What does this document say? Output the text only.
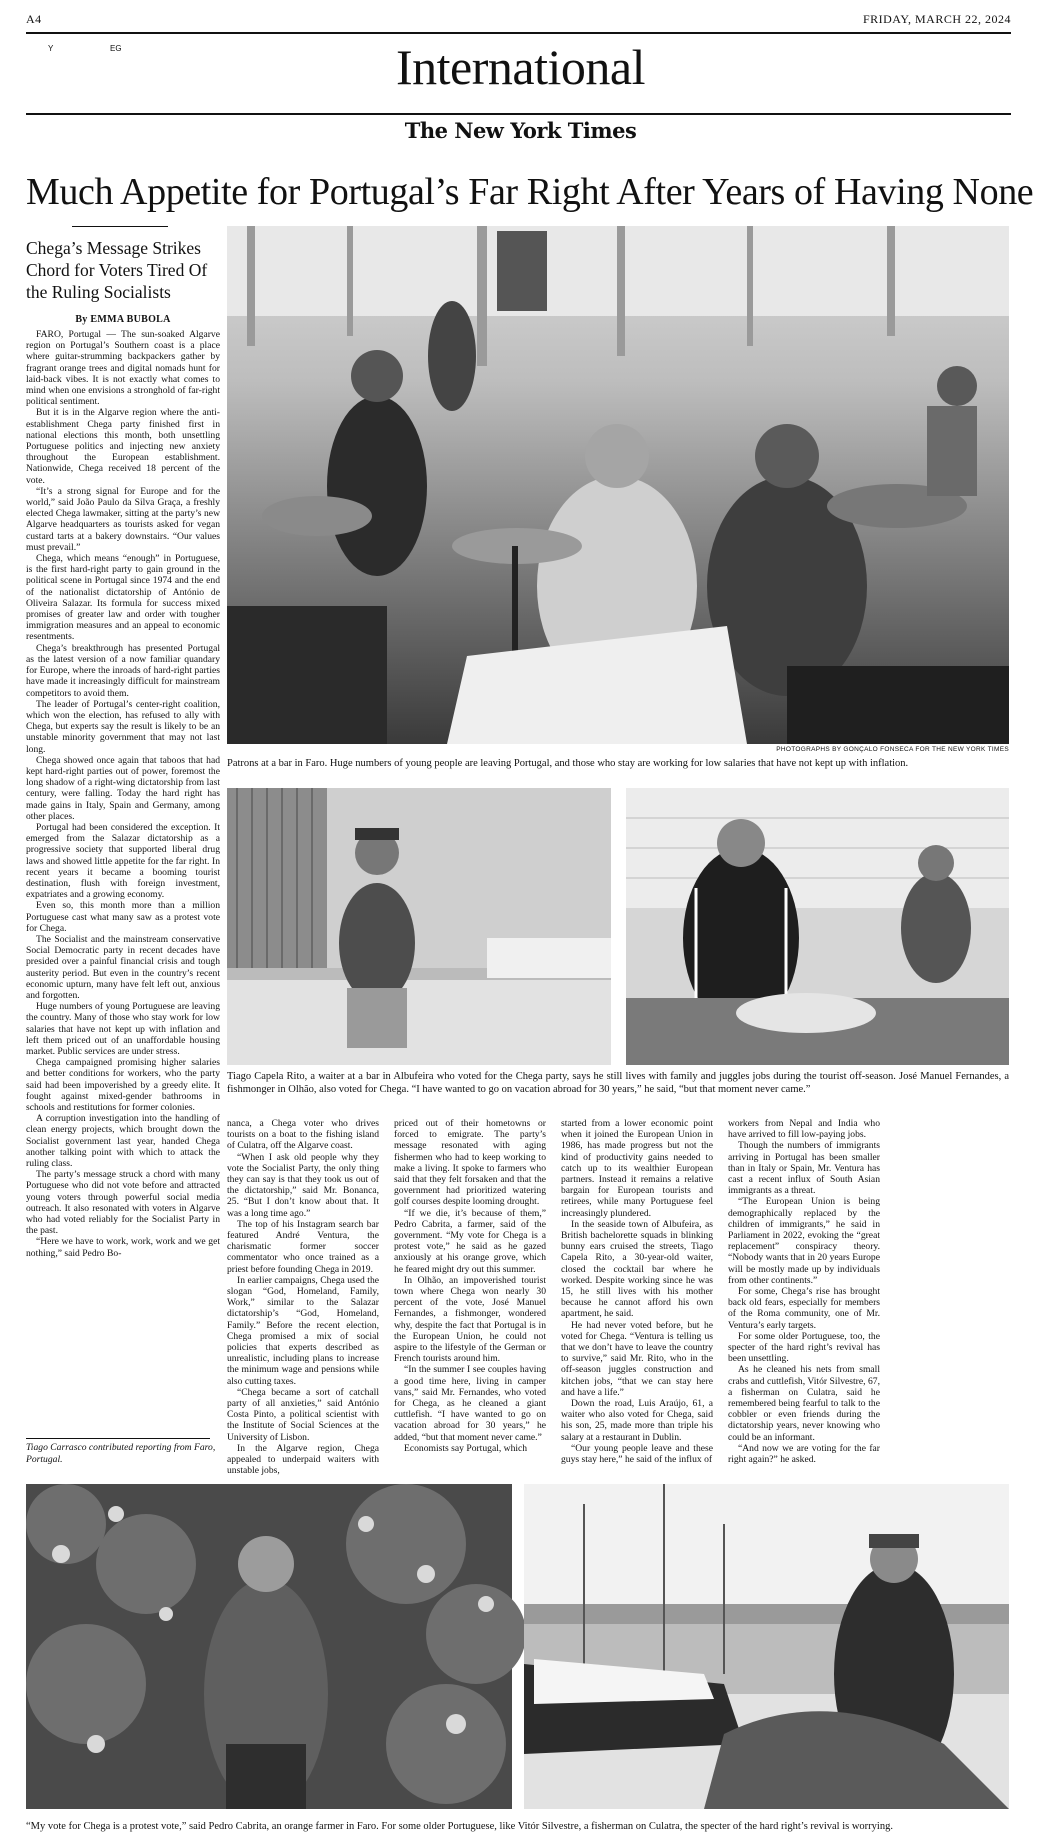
A4	FRIDAY, MARCH 22, 2024
Y	EG	International
The New York Times
Much Appetite for Portugal’s Far Right After Years of Having None
Chega’s Message Strikes Chord for Voters Tired Of the Ruling Socialists
By EMMA BUBOLA

FARO, Portugal — The sun-soaked Algarve region on Portugal’s Southern coast is a place where guitar-strumming backpackers gather by fragrant orange trees and digital nomads hunt for laid-back vibes. It is not exactly what comes to mind when one envisions a stronghold of far-right political sentiment.

But it is in the Algarve region where the anti-establishment Chega party finished first in national elections this month, both unsettling Portuguese politics and injecting new anxiety throughout the European establishment. Nationwide, Chega received 18 percent of the vote.

“It’s a strong signal for Europe and for the world,” said João Paulo da Silva Graça, a freshly elected Chega lawmaker, sitting at the party’s new Algarve headquarters as tourists asked for vegan custard tarts at a bakery downstairs. “Our values must prevail.”

Chega, which means “enough” in Portuguese, is the first hard-right party to gain ground in the political scene in Portugal since 1974 and the end of the nationalist dictatorship of António de Oliveira Salazar. Its formula for success mixed promises of greater law and order with tougher immigration measures and an appeal to economic resentments.

Chega’s breakthrough has presented Portugal as the latest version of a now familiar quandary for Europe, where the inroads of hard-right parties have made it increasingly difficult for mainstream competitors to avoid them.

The leader of Portugal’s center-right coalition, which won the election, has refused to ally with Chega, but experts say the result is likely to be an unstable minority government that may not last long.

Chega showed once again that taboos that had kept hard-right parties out of power, foremost the long shadow of a right-wing dictatorship from last century, were falling. Today the hard right has made gains in Italy, Spain and Germany, among other places.

Portugal had been considered the exception. It emerged from the Salazar dictatorship as a progressive society that supported liberal drug laws and showed little appetite for the far right. In recent years it became a booming tourist destination, flush with foreign investment, expatriates and a growing economy.

Even so, this month more than a million Portuguese cast what many saw as a protest vote for Chega.

The Socialist and the mainstream conservative Social Democratic party in recent decades have presided over a painful financial crisis and tough austerity period. But even in the country’s recent economic upturn, many have felt left out, anxious and forgotten.

Huge numbers of young Portuguese are leaving the country. Many of those who stay work for low salaries that have not kept up with inflation and left them priced out of an unaffordable housing market. Public services are under stress.

Chega campaigned promising higher salaries and better conditions for workers, who the party said had been impoverished by a greedy elite. It fought against mixed-gender bathrooms in schools and restitutions for former colonies.

A corruption investigation into the handling of clean energy projects, which brought down the Socialist government last year, handed Chega another talking point with which to attack the ruling class.

The party’s message struck a chord with many Portuguese who did not vote before and attracted young voters through powerful social media outreach. It also resonated with voters in Algarve who had voted reliably for the Socialist Party in the past.

“Here we have to work, work, work and we get nothing,” said Pedro Bo-

Tiago Carrasco contributed reporting from Faro, Portugal.
PHOTOGRAPHS BY GONÇALO FONSECA FOR THE NEW YORK TIMES
Patrons at a bar in Faro. Huge numbers of young people are leaving Portugal, and those who stay are working for low salaries that have not kept up with inflation.
Tiago Capela Rito, a waiter at a bar in Albufeira who voted for the Chega party, says he still lives with family and juggles jobs during the tourist off-season. José Manuel Fernandes, a fishmonger in Olhão, also voted for Chega. “I have wanted to go on vacation abroad for 30 years,” he said, “but that moment never came.”

nanca, a Chega voter who drives tourists on a boat to the fishing island of Culatra, off the Algarve coast.

“When I ask old people why they vote the Socialist Party, the only thing they can say is that they took us out of the dictatorship,” said Mr. Bonanca, 25. “But I don’t know about that. It was a long time ago.”

The top of his Instagram search bar featured André Ventura, the charismatic former soccer commentator who once trained as a priest before founding Chega in 2019.

In earlier campaigns, Chega used the slogan “God, Homeland, Family, Work,” similar to the Salazar dictatorship’s “God, Homeland, Family.” Before the recent election, Chega promised a mix of social policies that experts described as unrealistic, including plans to increase the minimum wage and pensions while also cutting taxes.

“Chega became a sort of catchall party of all anxieties,” said António Costa Pinto, a political scientist with the Institute of Social Sciences at the University of Lisbon.

In the Algarve region, Chega appealed to underpaid waiters with unstable jobs,

priced out of their hometowns or forced to emigrate. The party’s message resonated with aging fishermen who had to keep working to make a living. It spoke to farmers who said that they felt forsaken and that the government had prioritized watering golf courses despite looming drought.

“If we die, it’s because of them,” Pedro Cabrita, a farmer, said of the government. “My vote for Chega is a protest vote,” he said as he gazed anxiously at his orange grove, which he feared might dry out this summer.

In Olhão, an impoverished tourist town where Chega won nearly 30 percent of the vote, José Manuel Fernandes, a fishmonger, wondered why, despite the fact that Portugal is in the European Union, he could not aspire to the lifestyle of the German or French tourists around him.

“In the summer I see couples having a good time here, living in camper vans,” said Mr. Fernandes, who voted for Chega, as he cleaned a giant cuttlefish. “I have wanted to go on vacation abroad for 30 years,” he added, “but that moment never came.”

Economists say Portugal, which

started from a lower economic point when it joined the European Union in 1986, has made progress but not the kind of productivity gains needed to catch up to its wealthier European partners. Instead it remains a relative bargain for European tourists and retirees, while many Portuguese feel increasingly plundered.

In the seaside town of Albufeira, as British bachelorette squads in blinking bunny ears cruised the streets, Tiago Capela Rito, a 30-year-old waiter, closed the cocktail bar where he worked. Despite working since he was 15, he still lives with his mother because he cannot afford his own apartment, he said.

He had never voted before, but he voted for Chega. “Ventura is telling us that we don’t have to leave the country to survive,” said Mr. Rito, who in the off-season juggles construction and kitchen jobs, “that we can stay here and have a life.”

Down the road, Luis Araújo, 61, a waiter who also voted for Chega, said his son, 25, made more than triple his salary at a restaurant in Dublin.

“Our young people leave and these guys stay here,” he said of the influx of

workers from Nepal and India who have arrived to fill low-paying jobs.

Though the numbers of immigrants arriving in Portugal has been smaller than in Italy or Spain, Mr. Ventura has cast a recent influx of South Asian immigrants as a threat.

“The European Union is being demographically replaced by the children of immigrants,” he said in Parliament in 2022, evoking the “great replacement” conspiracy theory. “Nobody wants that in 20 years Europe will be mostly made up by individuals from other continents.”

For some, Chega’s rise has brought back old fears, especially for members of the Roma community, one of Mr. Ventura’s early targets.

For some older Portuguese, too, the specter of the hard right’s revival has been unsettling.

As he cleaned his nets from small crabs and cuttlefish, Vitór Silvestre, 67, a fisherman on Culatra, said he remembered being fearful to talk to the cobbler or even friends during the dictatorship years, never knowing who could be an informant.

“And now we are voting for the far right again?” he asked.

“My vote for Chega is a protest vote,” said Pedro Cabrita, an orange farmer in Faro. For some older Portuguese, like Vitór Silvestre, a fisherman on Culatra, the specter of the hard right’s revival is worrying.
